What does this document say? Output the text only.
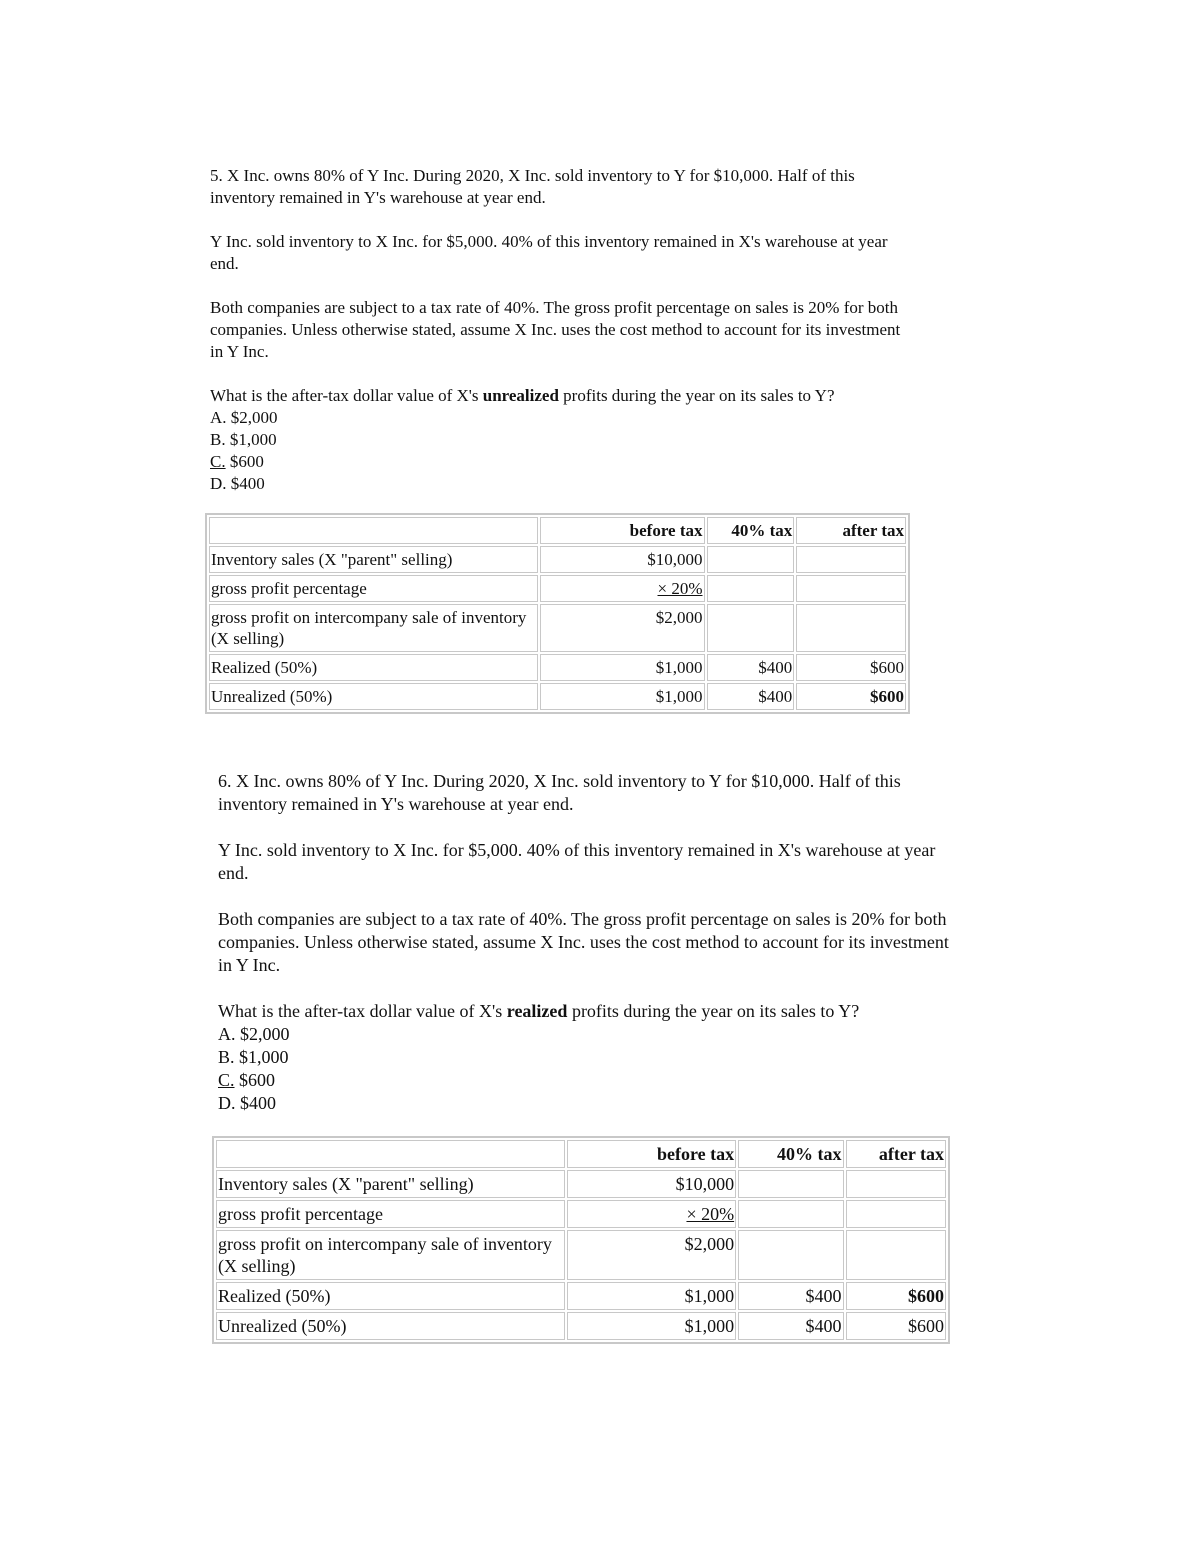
5. X Inc. owns 80% of Y Inc. During 2020, X Inc. sold inventory to Y for $10,000. Half of this inventory remained in Y's warehouse at year end.

Y Inc. sold inventory to X Inc. for $5,000. 40% of this inventory remained in X's warehouse at year end.

Both companies are subject to a tax rate of 40%. The gross profit percentage on sales is 20% for both companies. Unless otherwise stated, assume X Inc. uses the cost method to account for its investment in Y Inc.

What is the after-tax dollar value of X's unrealized profits during the year on its sales to Y?
A. $2,000
B. $1,000
C. $600
D. $400
	before tax	40% tax	after tax
Inventory sales (X "parent" selling)	$10,000		
gross profit percentage	× 20%		
gross profit on intercompany sale of inventory (X selling)	$2,000		
Realized (50%)	$1,000	$400	$600
Unrealized (50%)	$1,000	$400	$600

6. X Inc. owns 80% of Y Inc. During 2020, X Inc. sold inventory to Y for $10,000. Half of this inventory remained in Y's warehouse at year end.

Y Inc. sold inventory to X Inc. for $5,000. 40% of this inventory remained in X's warehouse at year end.

Both companies are subject to a tax rate of 40%. The gross profit percentage on sales is 20% for both companies. Unless otherwise stated, assume X Inc. uses the cost method to account for its investment in Y Inc.

What is the after-tax dollar value of X's realized profits during the year on its sales to Y?
A. $2,000
B. $1,000
C. $600
D. $400
	before tax	40% tax	after tax
Inventory sales (X "parent" selling)	$10,000		
gross profit percentage	× 20%		
gross profit on intercompany sale of inventory (X selling)	$2,000		
Realized (50%)	$1,000	$400	$600
Unrealized (50%)	$1,000	$400	$600
